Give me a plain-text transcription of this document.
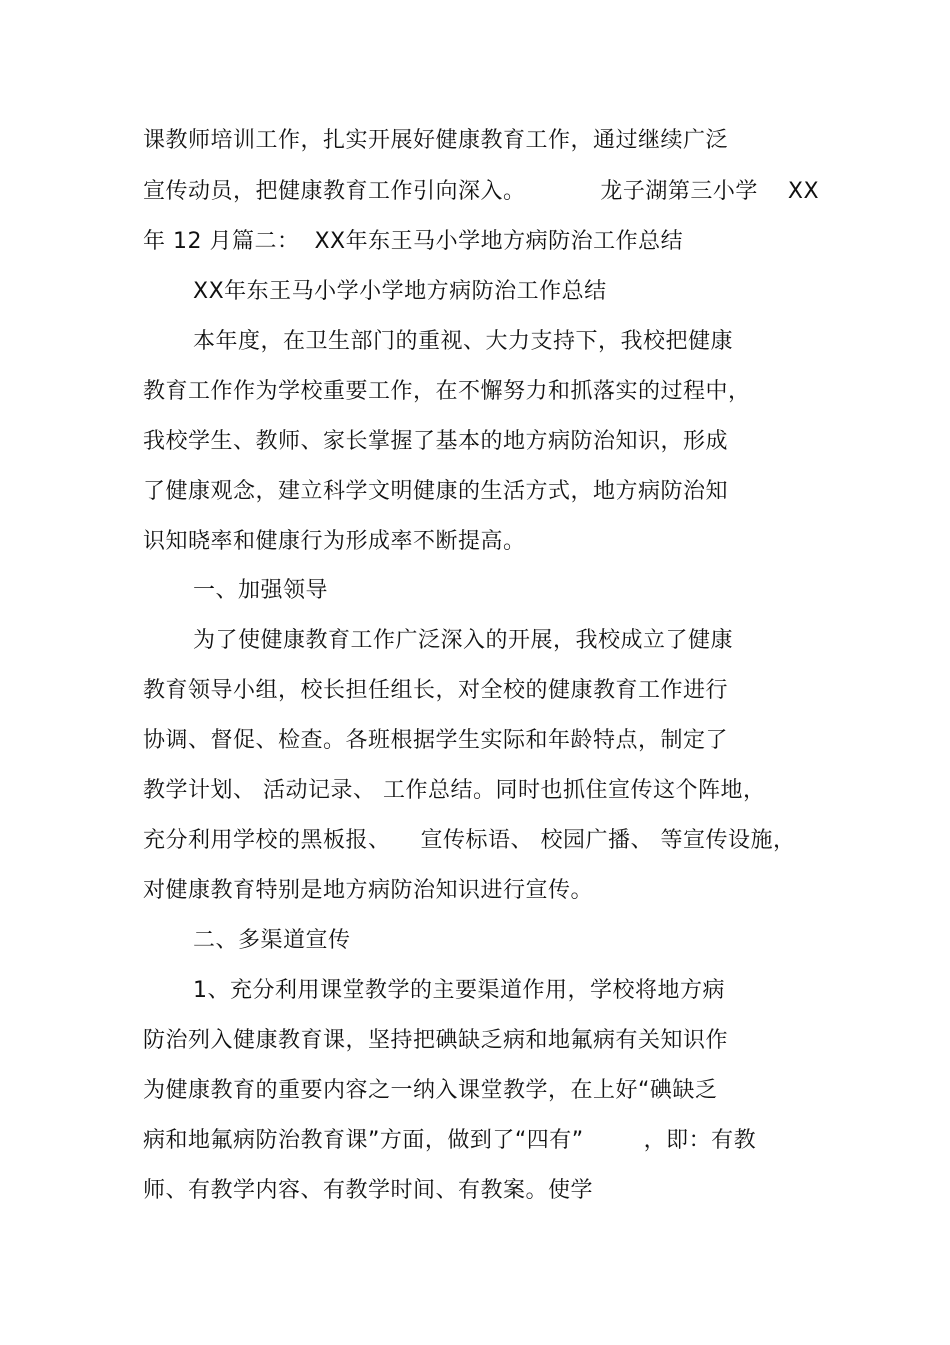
课教师培训工作，扎实开展好健康教育工作，通过继续广泛
宣传动员，把健康教育工作引向深入。          龙子湖第三小学    XX
年 12 月篇二：  XX年东王马小学地方病防治工作总结
XX年东王马小学小学地方病防治工作总结
本年度，在卫生部门的重视、大力支持下，我校把健康
教育工作作为学校重要工作，在不懈努力和抓落实的过程中，
我校学生、教师、家长掌握了基本的地方病防治知识，形成
了健康观念，建立科学文明健康的生活方式，地方病防治知
识知晓率和健康行为形成率不断提高。
一、加强领导
为了使健康教育工作广泛深入的开展，我校成立了健康
教育领导小组，校长担任组长，对全校的健康教育工作进行
协调、督促、检查。各班根据学生实际和年龄特点，制定了
教学计划、 活动记录、 工作总结。同时也抓住宣传这个阵地，
充分利用学校的黑板报、    宣传标语、 校园广播、 等宣传设施，
对健康教育特别是地方病防治知识进行宣传。
二、多渠道宣传
1、充分利用课堂教学的主要渠道作用，学校将地方病
防治列入健康教育课，坚持把碘缺乏病和地氟病有关知识作
为健康教育的重要内容之一纳入课堂教学，在上好“碘缺乏
病和地氟病防治教育课”方面，做到了“四有”        ，即：有教
师、有教学内容、有教学时间、有教案。使学
